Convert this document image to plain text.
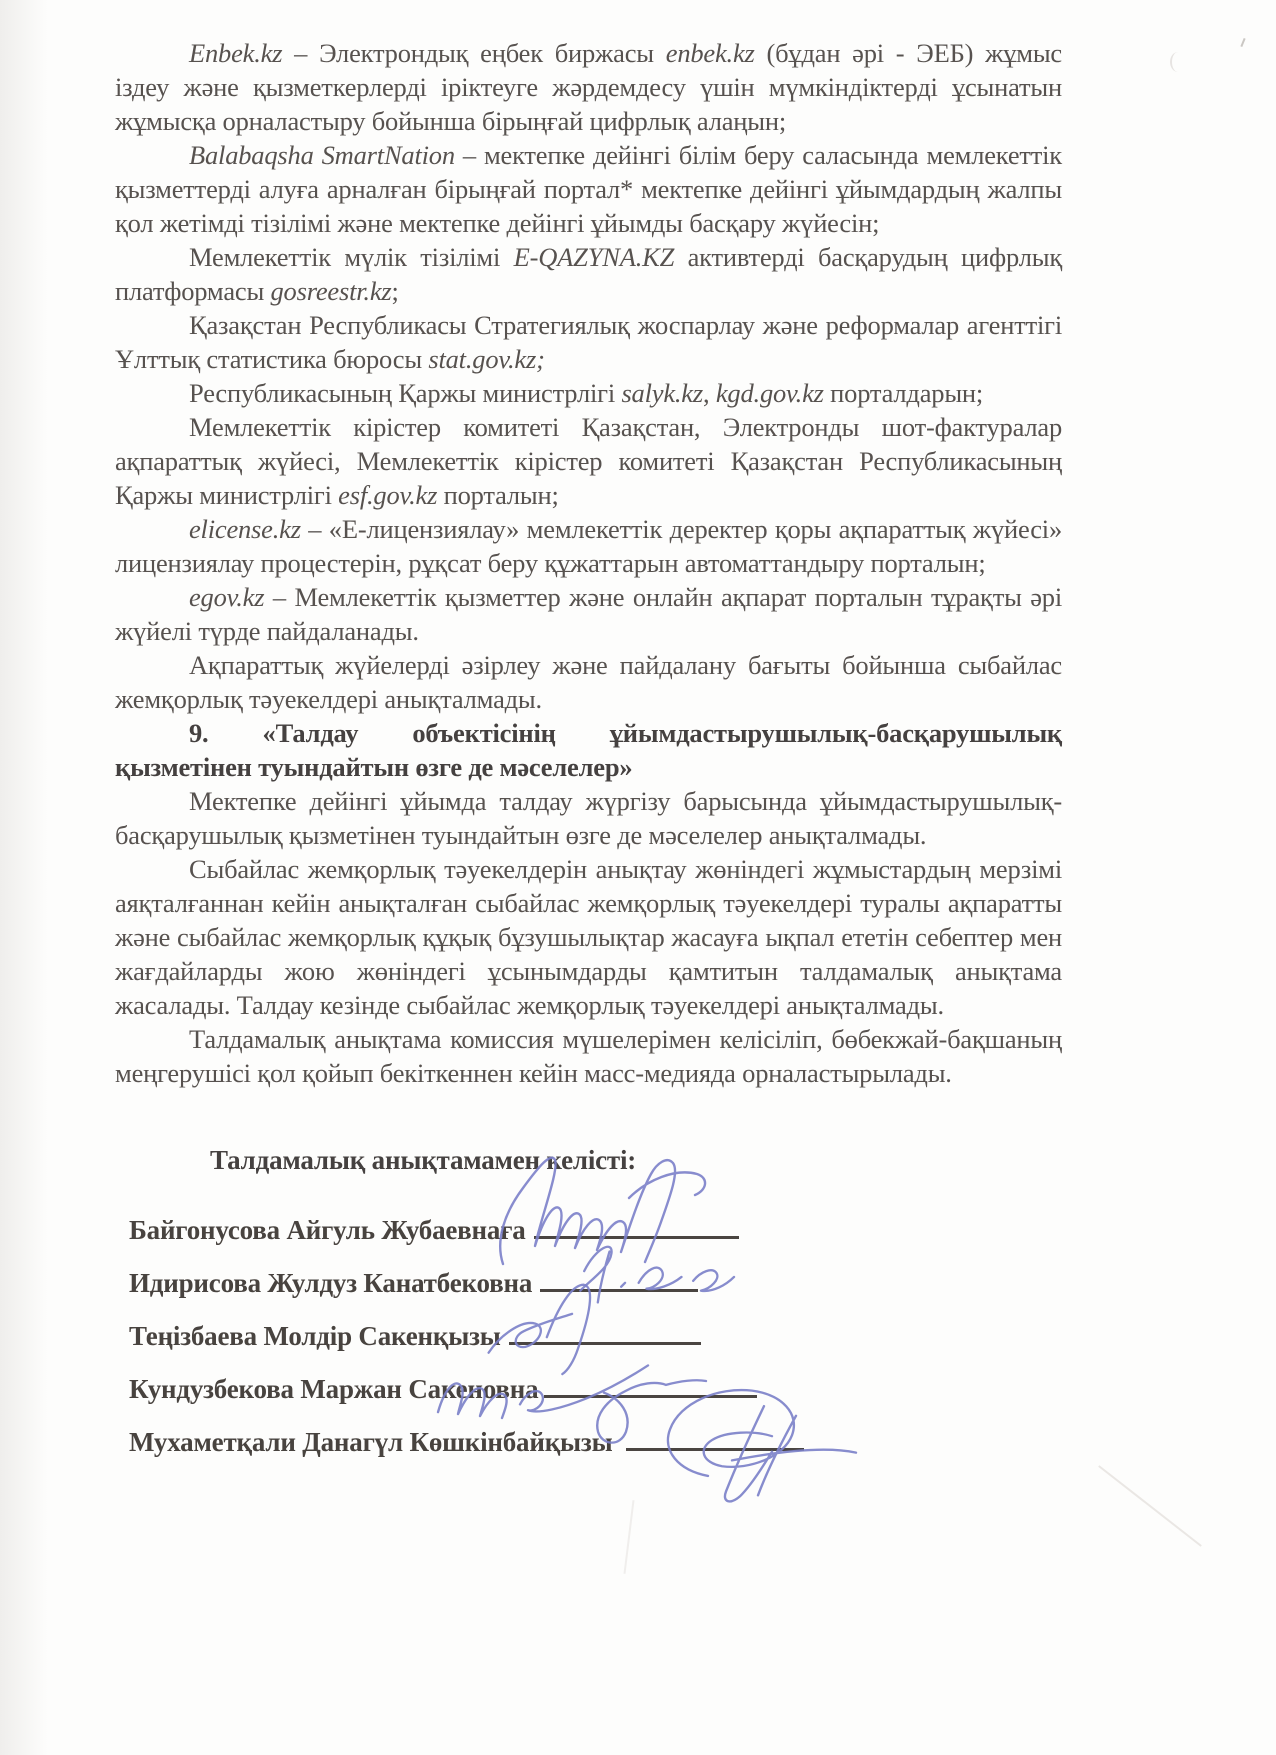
Enbek.kz – Электрондық еңбек биржасы enbek.kz (бұдан әрі - ЭЕБ) жұмыс іздеу және қызметкерлерді іріктеуге жәрдемдесу үшін мүмкіндіктерді ұсынатын жұмысқа орналастыру бойынша бірыңғай цифрлық алаңын;

Balabaqsha SmartNation – мектепке дейінгі білім беру саласында мемлекеттік қызметтерді алуға арналған бірыңғай портал* мектепке дейінгі ұйымдардың жалпы қол жетімді тізілімі және мектепке дейінгі ұйымды басқару жүйесін;

Мемлекеттік мүлік тізілімі E-QAZYNA.KZ активтерді басқарудың цифрлық платформасы gosreestr.kz;

Қазақстан Республикасы Стратегиялық жоспарлау және реформалар агенттігі Ұлттық статистика бюросы stat.gov.kz;

Республикасының Қаржы министрлігі salyk.kz, kgd.gov.kz порталдарын;

Мемлекеттік кірістер комитеті Қазақстан, Электронды шот-фактуралар ақпараттық жүйесі, Мемлекеттік кірістер комитеті Қазақстан Республикасының Қаржы министрлігі esf.gov.kz порталын;

elicense.kz – «Е-лицензиялау» мемлекеттік деректер қоры ақпараттық жүйесі» лицензиялау процестерін, рұқсат беру құжаттарын автоматтандыру порталын;

egov.kz – Мемлекеттік қызметтер және онлайн ақпарат порталын тұрақты әрі жүйелі түрде пайдаланады.

Ақпараттық жүйелерді әзірлеу және пайдалану бағыты бойынша сыбайлас жемқорлық тәуекелдері анықталмады.

9. «Талдау объектісінің ұйымдастырушылық-басқарушылық қызметінен туындайтын өзге де мәселелер»

Мектепке дейінгі ұйымда талдау жүргізу барысында ұйымдастырушылық-басқарушылық қызметінен туындайтын өзге де мәселелер анықталмады.

Сыбайлас жемқорлық тәуекелдерін анықтау жөніндегі жұмыстардың мерзімі аяқталғаннан кейін анықталған сыбайлас жемқорлық тәуекелдері туралы ақпаратты және сыбайлас жемқорлық құқық бұзушылықтар жасауға ықпал ететін себептер мен жағдайларды жою жөніндегі ұсынымдарды қамтитын талдамалық анықтама жасалады. Талдау кезінде сыбайлас жемқорлық тәуекелдері анықталмады.

Талдамалық анықтама комиссия мүшелерімен келісіліп, бөбекжай-бақшаның меңгерушісі қол қойып бекіткеннен кейін масс-медияда орналастырылады.

Талдамалық анықтамамен келісті:
Байгонусова Айгуль Жубаевнаға
Идирисова Жулдуз Канатбековна
Теңізбаева Молдір Сакенқызы
Кундузбекова Маржан Сакеновна
Мухаметқали Данагүл Көшкінбайқызы
